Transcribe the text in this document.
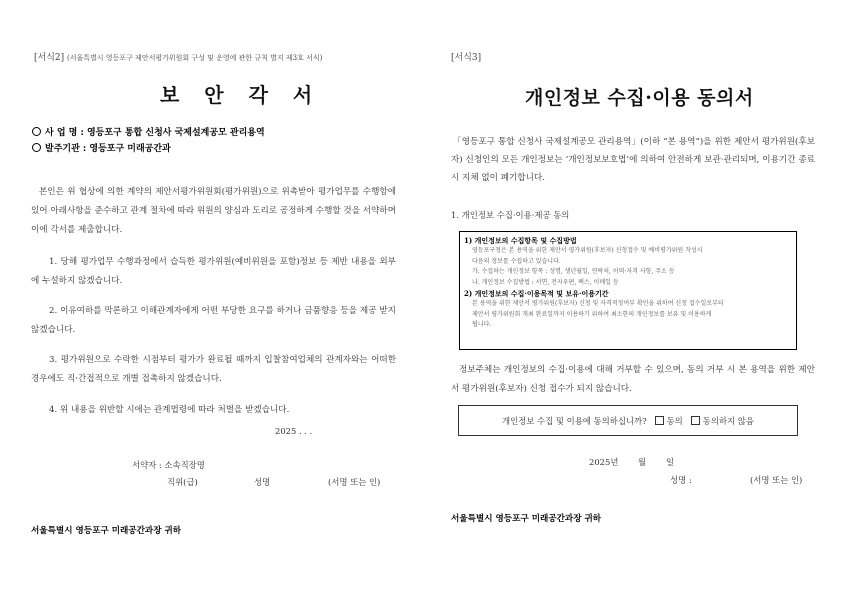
[서식2] (서울특별시 영등포구 제안서평가위원회 구성 및 운영에 관한 규칙 별지 제3호 서식)
보 안 각 서
사 업 명 : 영등포구 통합 신청사 국제설계공모 관리용역
발주기관 : 영등포구 미래공간과
본인은 위 협상에 의한 계약의 제안서평가위원회(평가위원)으로 위촉받아 평가업무를 수행함에 있어 아래사항을 준수하고 관계 절차에 따라 위원의 양심과 도리로 공정하게 수행할 것을 서약하며 이에 각서를 제출합니다.
1. 당해 평가업무 수행과정에서 습득한 평가위원(예비위원을 포함)정보 등 제반 내용을 외부에 누설하지 않겠습니다.
2. 이유여하를 막론하고 이해관계자에게 어떤 부당한 요구를 하거나 금품향응 등을 제공 받지 않겠습니다.
3. 평가위원으로 수락한 시점부터 평가가 완료될 때까지 입찰참여업체의 관계자와는 어떠한 경우에도 직·간접적으로 개별 접촉하지 않겠습니다.
4. 위 내용을 위반할 시에는 관계법령에 따라 처벌을 받겠습니다.
2025 . . .
서약자 : 소속직장명
직위(급)	성명	(서명 또는 인)
서울특별시 영등포구 미래공간과장 귀하
[서식3]
개인정보 수집·이용 동의서
「영등포구 통합 신청사 국제설계공모 관리용역」(이하 “본 용역”)을 위한 제안서 평가위원(후보자) 신청인의 모든 개인정보는 ‘개인정보보호법’에 의하여 안전하게 보관·관리되며, 이용기간 종료 시 지체 없이 폐기합니다.
1. 개인정보 수집·이용·제공 동의
1) 개인정보의 수집항목 및 수집방법
영등포구청은 본 용역을 위한 제안서 평가위원(후보자) 신청접수 및 예비평가위원 작성시
다음의 정보를 수집하고 있습니다.
가. 수집하는 개인정보 항목 : 성명, 생년월일, 연락처, 이력·자격 사항, 주소 등
나. 개인정보 수집방법 : 서면, 전자우편, 팩스, 이메일 등
2) 개인정보의 수집·이용목적 및 보유·이용기간
본 용역을 위한 제안서 평가위원(후보자) 신청 및 자격적정여부 확인을 위하여 신청 접수일로부터
제안서 평가위원회 개최 완료일까지 이용하기 위하여 최소한의 개인정보를 보유 및 이용하게
됩니다.
정보주체는 개인정보의 수집·이용에 대해 거부할 수 있으며, 동의 거부 시 본 용역을 위한 제안서 평가위원(후보자) 신청 접수가 되지 않습니다.
개인정보 수집 및 이용에 동의하십니까? 동의 동의하지 않음
2025년 월 일
성명 :	(서명 또는 인)
서울특별시 영등포구 미래공간과장 귀하
